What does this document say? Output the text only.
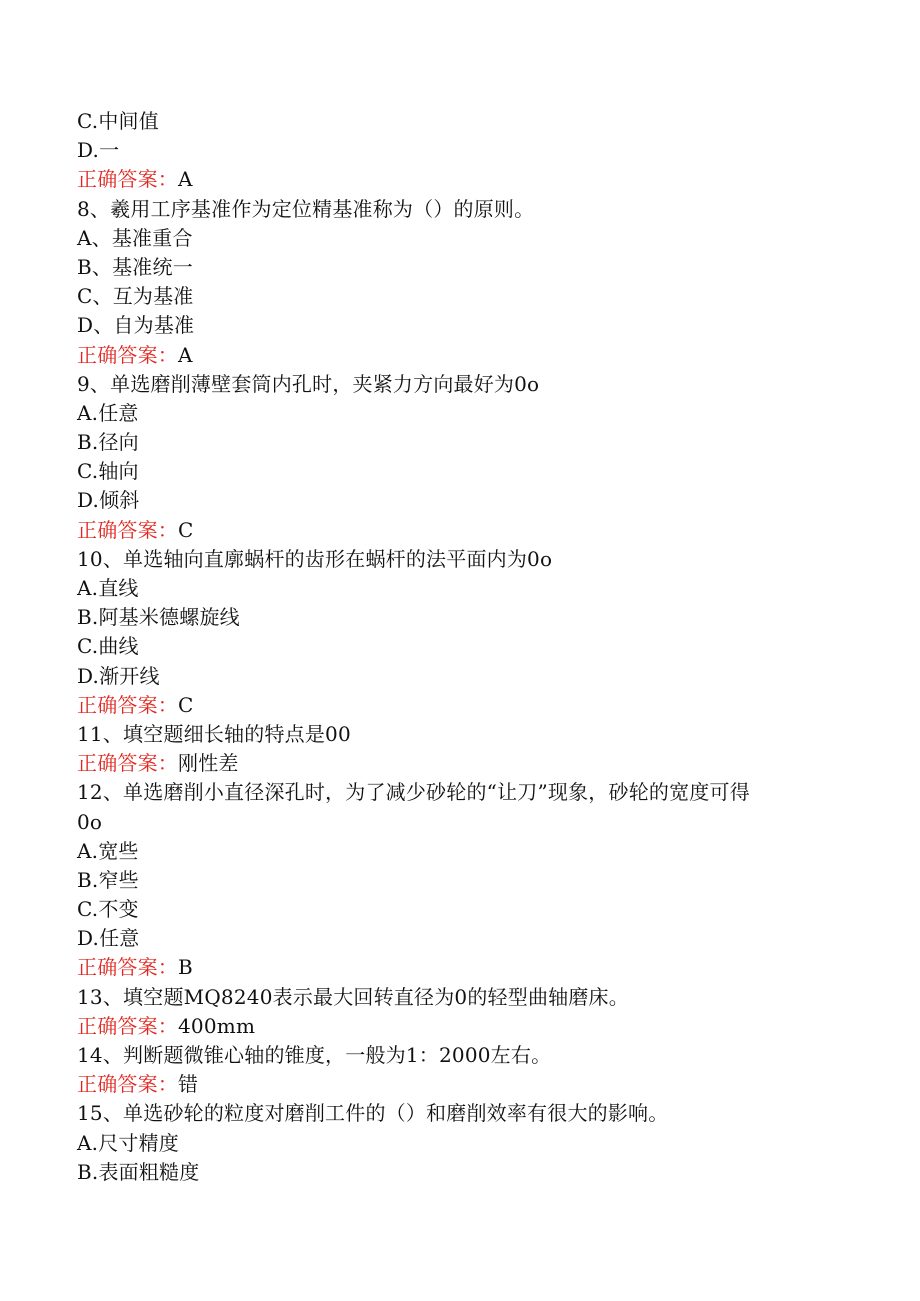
C.中间值
D.一
正确答案：A
8、羲用工序基准作为定位精基准称为（）的原则。
A、基准重合
B、基准统一
C、互为基准
D、自为基准
正确答案：A
9、单选磨削薄壁套筒内孔时，夹紧力方向最好为0o
A.任意
B.径向
C.轴向
D.倾斜
正确答案：C
10、单选轴向直廓蜗杆的齿形在蜗杆的法平面内为0o
A.直线
B.阿基米德螺旋线
C.曲线
D.渐开线
正确答案：C
11、填空题细长轴的特点是00
正确答案：刚性差
12、单选磨削小直径深孔时，为了减少砂轮的“让刀”现象，砂轮的宽度可得
0o
A.宽些
B.窄些
C.不变
D.任意
正确答案：B
13、填空题MQ8240表示最大回转直径为0的轻型曲轴磨床。
正确答案：400mm
14、判断题微锥心轴的锥度，一般为1：2000左右。
正确答案：错
15、单选砂轮的粒度对磨削工件的（）和磨削效率有很大的影响。
A.尺寸精度
B.表面粗糙度
